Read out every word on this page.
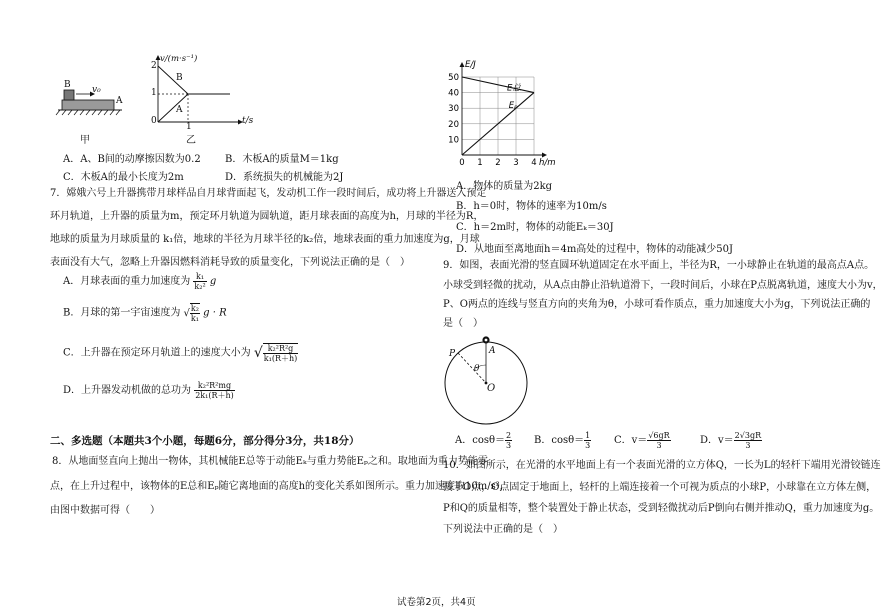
B v₀
A
甲
v/(m·s⁻¹)
2
1
0
1
t/s
B
A
乙
A．A、B间的动摩擦因数为0.2 B．木板A的质量M＝1kg
C．木板A的最小长度为2m	D．系统损失的机械能为2J
7．嫦娥六号上升器携带月球样品自月球背面起飞，发动机工作一段时间后，成功将上升器送入预定
环月轨道，上升器的质量为m，预定环月轨道为圆轨道，距月球表面的高度为h，月球的半径为R，
地球的质量为月球质量的 k₁倍，地球的半径为月球半径的k₂倍，地球表面的重力加速度为g，月球
表面没有大气，忽略上升器因燃料消耗导致的质量变化，下列说法正确的是（　）
A．月球表面的重力加速度为 $\frac{\text{k₁}}{\text{k₂²}}$ g
B．月球的第一宇宙速度为 √ $\frac{\text{k₂}}{\text{k₁}}$ g · R
C．上升器在预定环月轨道上的速度大小为 √ $\frac{\text{k₂²R²g}}{\text{k₁(R＋h)}}$
D．上升器发动机做的总功为 $\frac{\text{k₂²R²mg}}{\text{2k₁(R＋h)}}$
二、多选题（本题共3个小题，每题6分，部分得分3分，共18分）
8．从地面竖直向上抛出一物体，其机械能E总等于动能Eₖ与重力势能Eₚ之和。取地面为重力势能零
点，在上升过程中，该物体的E总和Eₚ随它离地面的高度h的变化关系如图所示。重力加速度取10m/s²，
由图中数据可得（　　）
0 1 2 3 4
10
20
30
40
50
h/m
E/J
E总
Eₚ
A．物体的质量为2kg
B．h＝0时，物体的速率为10m/s
C．h＝2m时，物体的动能Eₖ＝30J
D．从地面至离地面h＝4m高处的过程中，物体的动能减少50J
9．如图，表面光滑的竖直圆环轨道固定在水平面上，半径为R，一小球静止在轨道的最高点A点。
小球受到轻微的扰动，从A点由静止沿轨道滑下，一段时间后，小球在P点脱离轨道，速度大小为v，
P、O两点的连线与竖直方向的夹角为θ，小球可看作质点，重力加速度大小为g，下列说法正确的
是（　）
P	A
θ
O
A．$\cos\theta= \frac{2}{3}$ B．$\cos\theta= \frac{1}{3}$ C．$v= \frac{√6gR}{3}$	D．$v= \frac{2√3gR}{3}$
10．如图所示，在光滑的水平地面上有一个表面光滑的立方体Q，一长为L的轻杆下端用光滑铰链连
接于O点，O点固定于地面上，轻杆的上端连接着一个可视为质点的小球P，小球靠在立方体左侧，
P和Q的质量相等，整个装置处于静止状态，受到轻微扰动后P倒向右侧并推动Q，重力加速度为g。
下列说法中正确的是（　）
试卷第2页，共4页
